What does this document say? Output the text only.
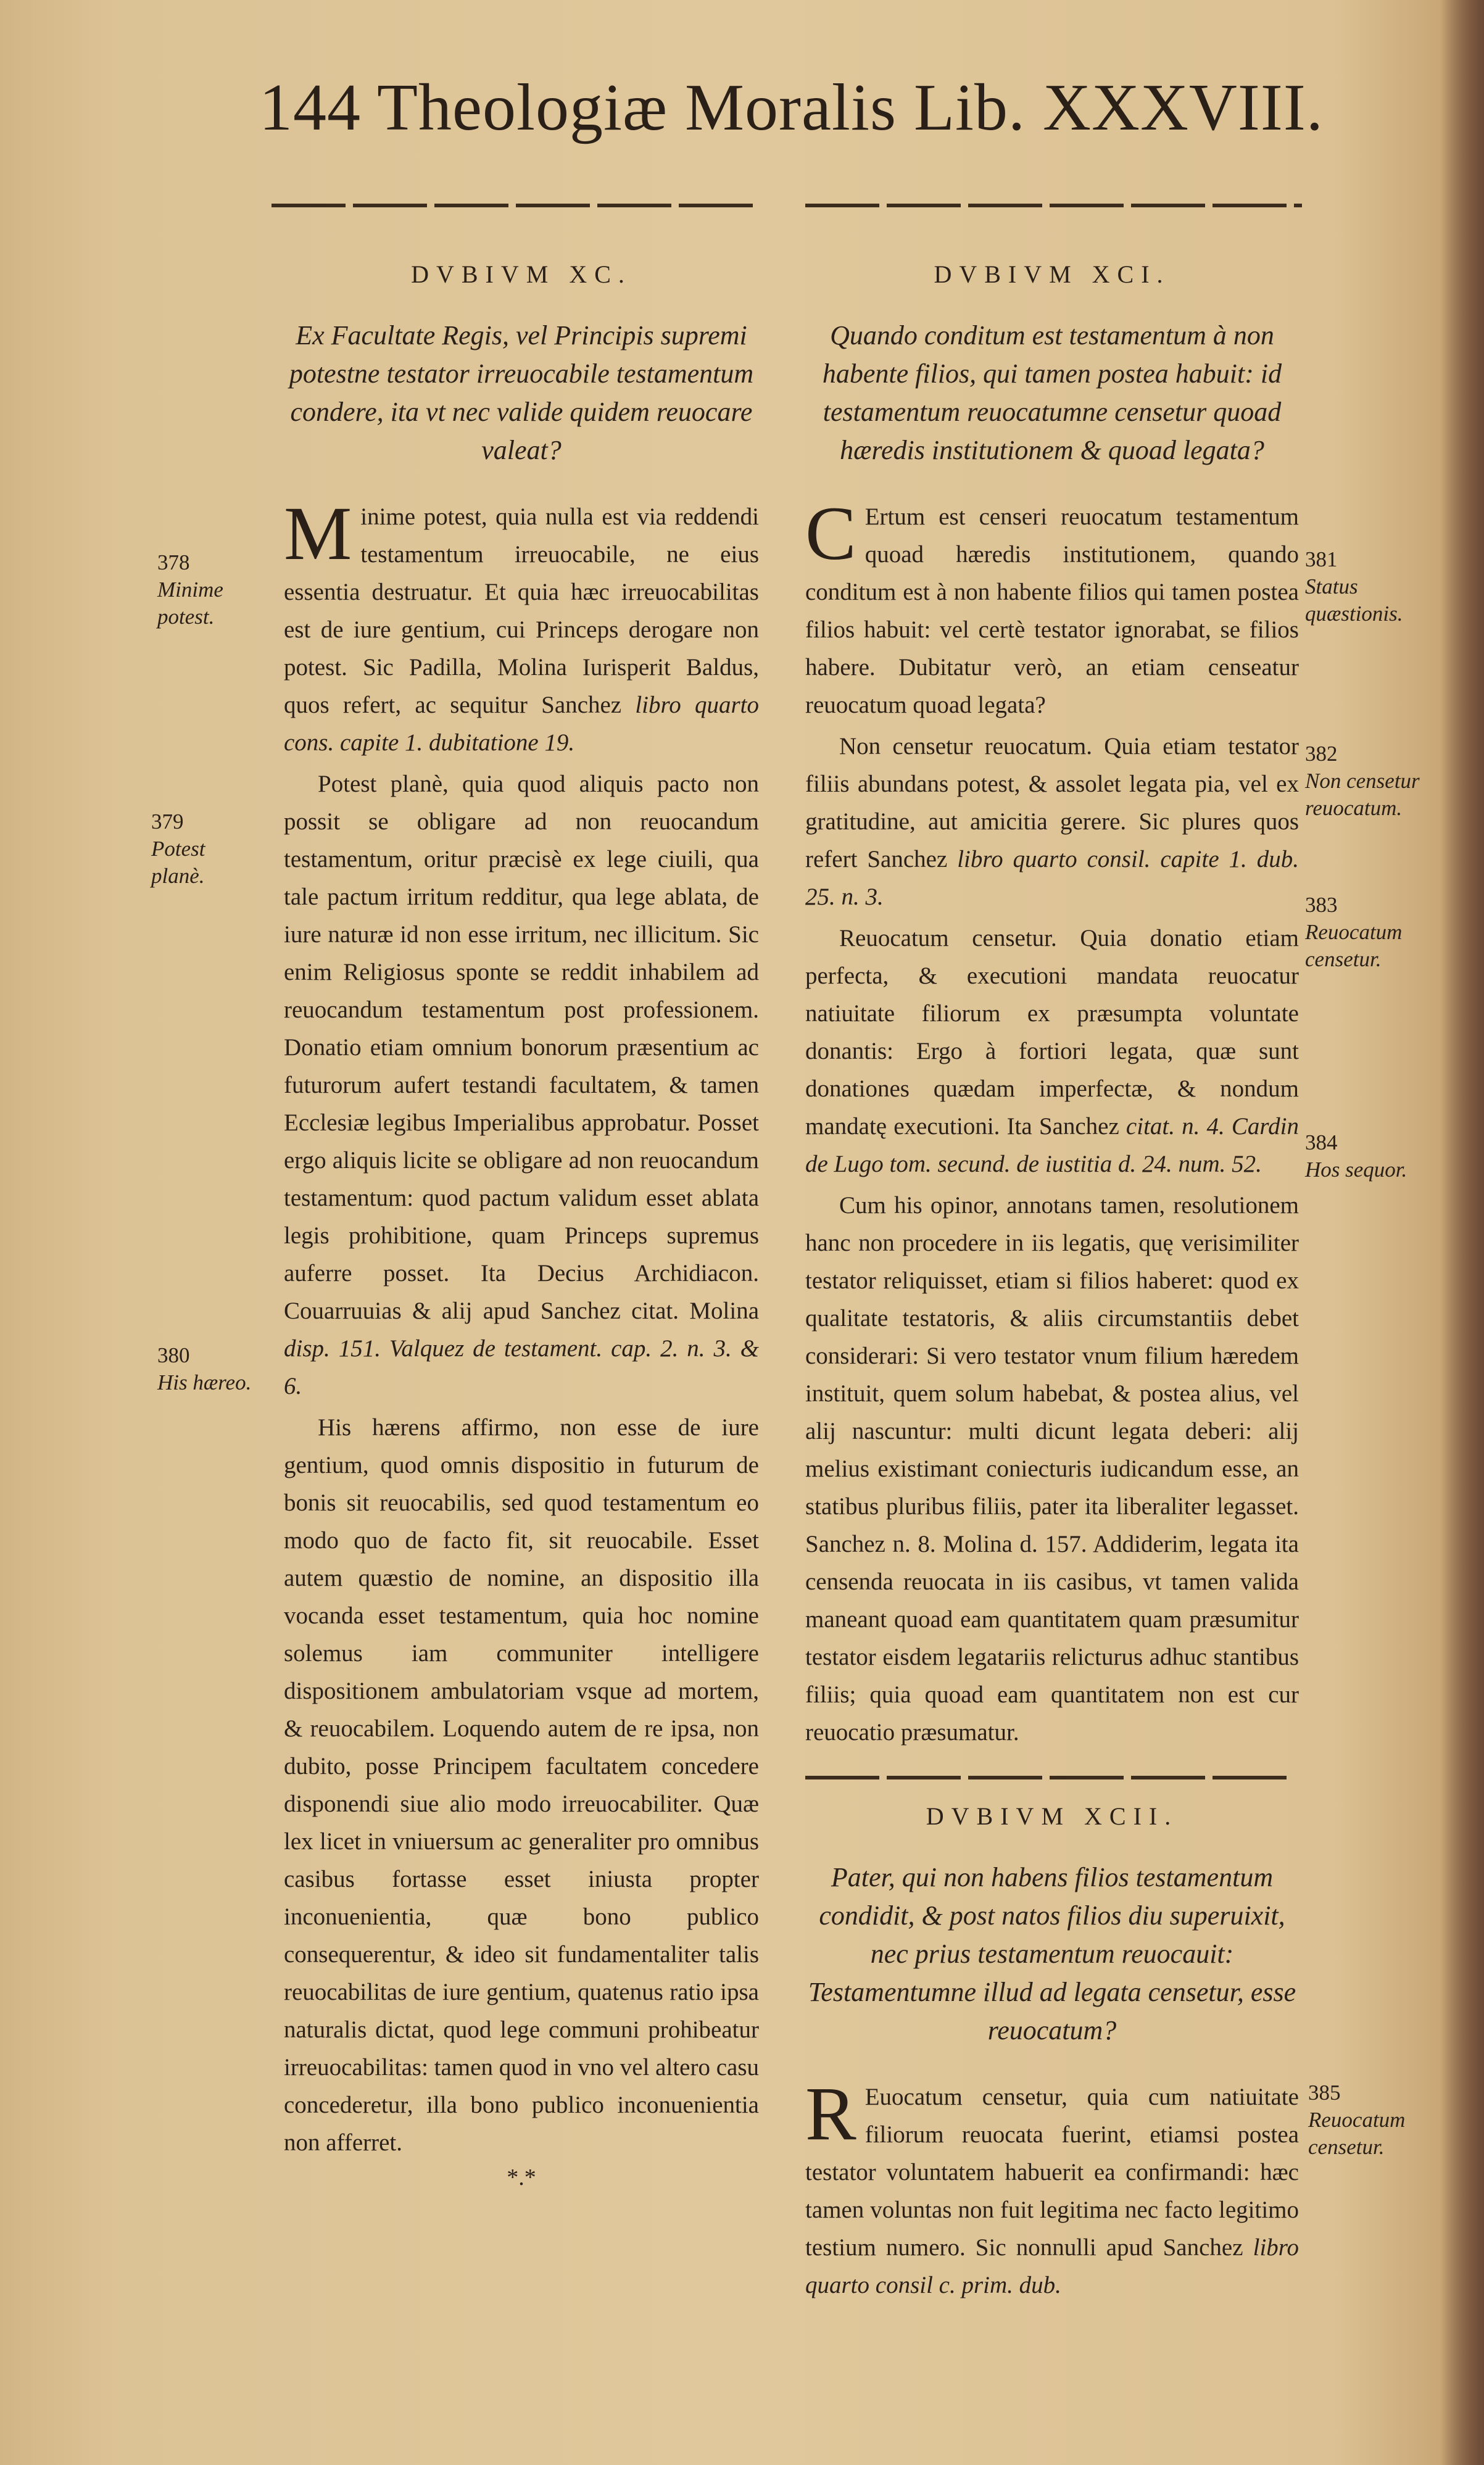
144 Theologiæ Moralis Lib. XXXVIII.
DVBIVM XC.
Ex Facultate Regis, vel Principis supremi potestne testator irreuocabile testamentum condere, ita vt nec valide quidem reuocare valeat?

M inime potest, quia nulla est via reddendi testamentum irreuocabile, ne eius essentia destruatur. Et quia hæc irreuocabilitas est de iure gentium, cui Princeps derogare non potest. Sic Padilla, Molina Iurisperit Baldus, quos refert, ac sequitur Sanchez libro quarto cons. capite 1. dubitatione 19.

Potest planè, quia quod aliquis pacto non possit se obligare ad non reuocandum testamentum, oritur præcisè ex lege ciuili, qua tale pactum irritum redditur, qua lege ablata, de iure naturæ id non esse irritum, nec illicitum. Sic enim Religiosus sponte se reddit inhabilem ad reuocandum testamentum post professionem. Donatio etiam omnium bonorum præsentium ac futurorum aufert testandi facultatem, & tamen Ecclesiæ legibus Imperialibus approbatur. Posset ergo aliquis licite se obligare ad non reuocandum testamentum: quod pactum validum esset ablata legis prohibitione, quam Princeps supremus auferre posset. Ita Decius Archidiacon. Couarruuias & alij apud Sanchez citat. Molina disp. 151. Valquez de testament. cap. 2. n. 3. & 6.

His hærens affirmo, non esse de iure gentium, quod omnis dispositio in futurum de bonis sit reuocabilis, sed quod testamentum eo modo quo de facto fit, sit reuocabile. Esset autem quæstio de nomine, an dispositio illa vocanda esset testamentum, quia hoc nomine solemus iam communiter intelligere dispositionem ambulatoriam vsque ad mortem, & reuocabilem. Loquendo autem de re ipsa, non dubito, posse Principem facultatem concedere disponendi siue alio modo irreuocabiliter. Quæ lex licet in vniuersum ac generaliter pro omnibus casibus fortasse esset iniusta propter inconuenientia, quæ bono publico consequerentur, & ideo sit fundamentaliter talis reuocabilitas de iure gentium, quatenus ratio ipsa naturalis dictat, quod lege communi prohibeatur irreuocabilitas: tamen quod in vno vel altero casu concederetur, illa bono publico inconuenientia non afferret.

*.*
378
Minime potest.
379
Potest planè.
380
His hæreo.
DVBIVM XCI.
Quando conditum est testamentum à non habente filios, qui tamen postea habuit: id testamentum reuocatumne censetur quoad hæredis institutionem & quoad legata?

C Ertum est censeri reuocatum testamentum quoad hæredis institutionem, quando conditum est à non habente filios qui tamen postea filios habuit: vel certè testator ignorabat, se filios habere. Dubitatur verò, an etiam censeatur reuocatum quoad legata?

Non censetur reuocatum. Quia etiam testator filiis abundans potest, & assolet legata pia, vel ex gratitudine, aut amicitia gerere. Sic plures quos refert Sanchez libro quarto consil. capite 1. dub. 25. n. 3.

Reuocatum censetur. Quia donatio etiam perfecta, & executioni mandata reuocatur natiuitate filiorum ex præsumpta voluntate donantis: Ergo à fortiori legata, quæ sunt donationes quædam imperfectæ, & nondum mandatę executioni. Ita Sanchez citat. n. 4. Cardin de Lugo tom. secund. de iustitia d. 24. num. 52.

Cum his opinor, annotans tamen, resolutionem hanc non procedere in iis legatis, quę verisimiliter testator reliquisset, etiam si filios haberet: quod ex qualitate testatoris, & aliis circumstantiis debet considerari: Si vero testator vnum filium hæredem instituit, quem solum habebat, & postea alius, vel alij nascuntur: multi dicunt legata deberi: alij melius existimant coniecturis iudicandum esse, an statibus pluribus filiis, pater ita liberaliter legasset. Sanchez n. 8. Molina d. 157. Addiderim, legata ita censenda reuocata in iis casibus, vt tamen valida maneant quoad eam quantitatem quam præsumitur testator eisdem legatariis relicturus adhuc stantibus filiis; quia quoad eam quantitatem non est cur reuocatio præsumatur.

DVBIVM XCII.
Pater, qui non habens filios testamentum condidit, & post natos filios diu superuixit, nec prius testamentum reuocauit: Testamentumne illud ad legata censetur, esse reuocatum?

R Euocatum censetur, quia cum natiuitate filiorum reuocata fuerint, etiamsi postea testator voluntatem habuerit ea confirmandi: hæc tamen voluntas non fuit legitima nec facto legitimo testium numero. Sic nonnulli apud Sanchez libro quarto consil c. prim. dub.

381
Status quæstionis.
382
Non censetur reuocatum.
383
Reuocatum censetur.
384
Hos sequor.
385
Reuocatum censetur.
